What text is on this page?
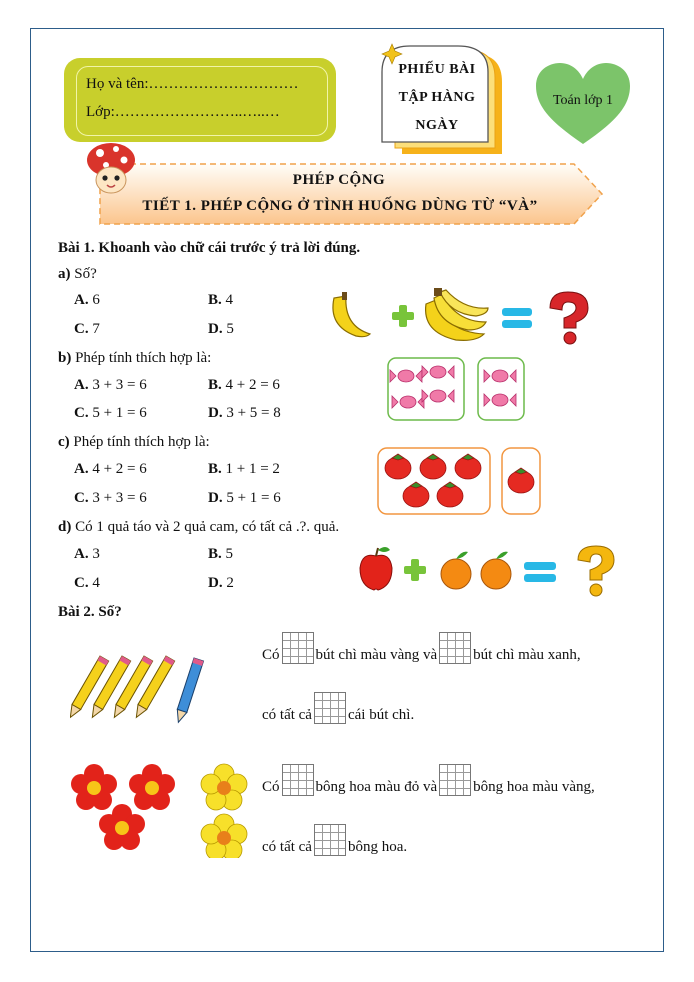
Họ và tên:…………………………
Lớp:……………………..…..…
PHIẾU BÀI
TẬP HÀNG
NGÀY
Toán lớp 1
PHÉP CỘNG
TIẾT 1. PHÉP CỘNG Ở TÌNH HUỐNG DÙNG TỪ “VÀ”
Bài 1. Khoanh vào chữ cái trước ý trả lời đúng.
a) Số?
A. 6	B. 4
C. 7	D. 5
b) Phép tính thích hợp là:
A. 3 + 3 = 6	B. 4 + 2 = 6
C. 5 + 1 = 6	D. 3 + 5 = 8
c) Phép tính thích hợp là:
A. 4 + 2 = 6	B. 1 + 1 = 2
C. 3 + 3 = 6	D. 5 + 1 = 6
d) Có 1 quả táo và 2 quả cam, có tất cả .?. quả.
A. 3	B. 5
C. 4	D. 2
Bài 2. Số?
Có bút chì màu vàng và bút chì màu xanh,
có tất cả cái bút chì.
Có bông hoa màu đỏ và bông hoa màu vàng,
có tất cả bông hoa.
